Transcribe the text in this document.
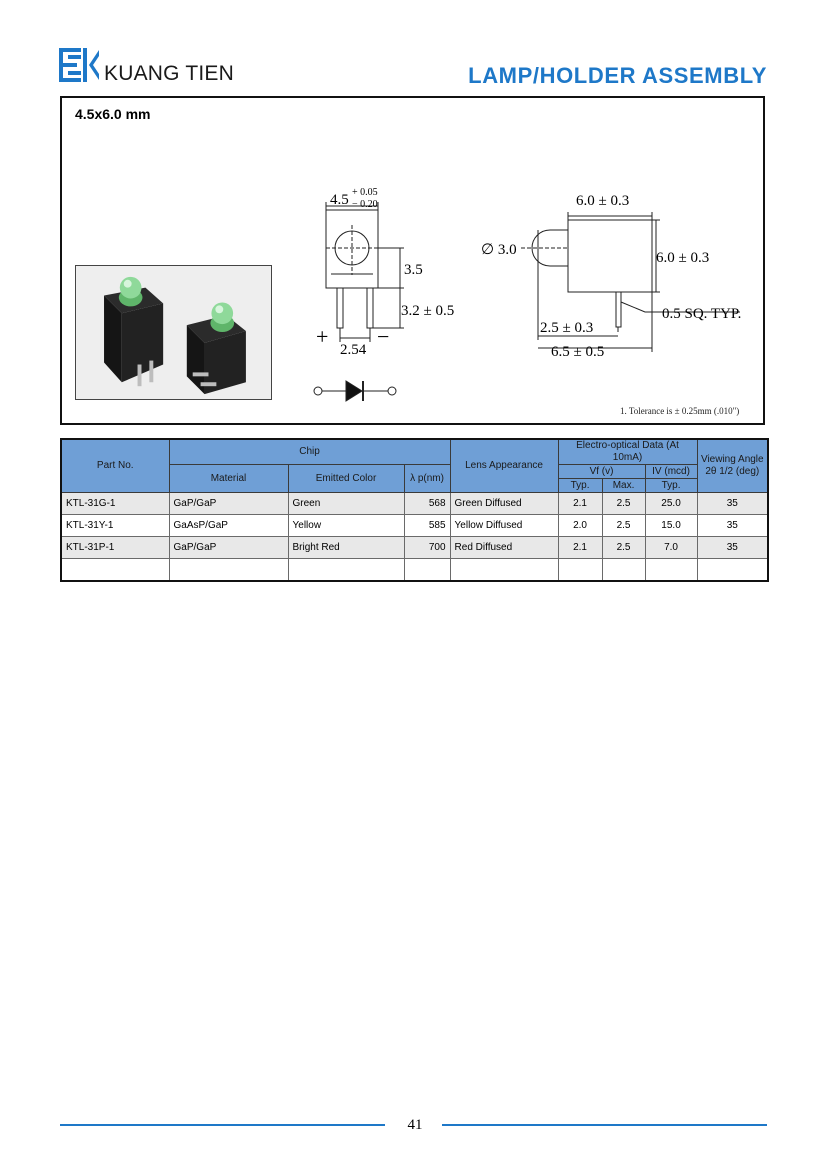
KUANG TIEN	LAMP/HOLDER ASSEMBLY
4.5x6.0 mm
4.5 + 0.05
− 0.20
3.5
3.2 ± 0.5
2.54
+ −
6.0 ± 0.3
6.0 ± 0.3
∅ 3.0
2.5 ± 0.3
6.5 ± 0.5
0.5 SQ. TYP.
1. Tolerance is ± 0.25mm (.010")
Part No.	Chip			Lens Appearance	Electro-optical Data (At 10mA)			Viewing Angle 2θ 1/2 (deg)
	Material	Emitted Color	λ p(nm)		Vf (v)		IV (mcd)	
					Typ.	Max.	Typ.	
KTL-31G-1	GaP/GaP	Green	568	Green Diffused	2.1	2.5	25.0	35
KTL-31Y-1	GaAsP/GaP	Yellow	585	Yellow Diffused	2.0	2.5	15.0	35
KTL-31P-1	GaP/GaP	Bright Red	700	Red Diffused	2.1	2.5	7.0	35

41
